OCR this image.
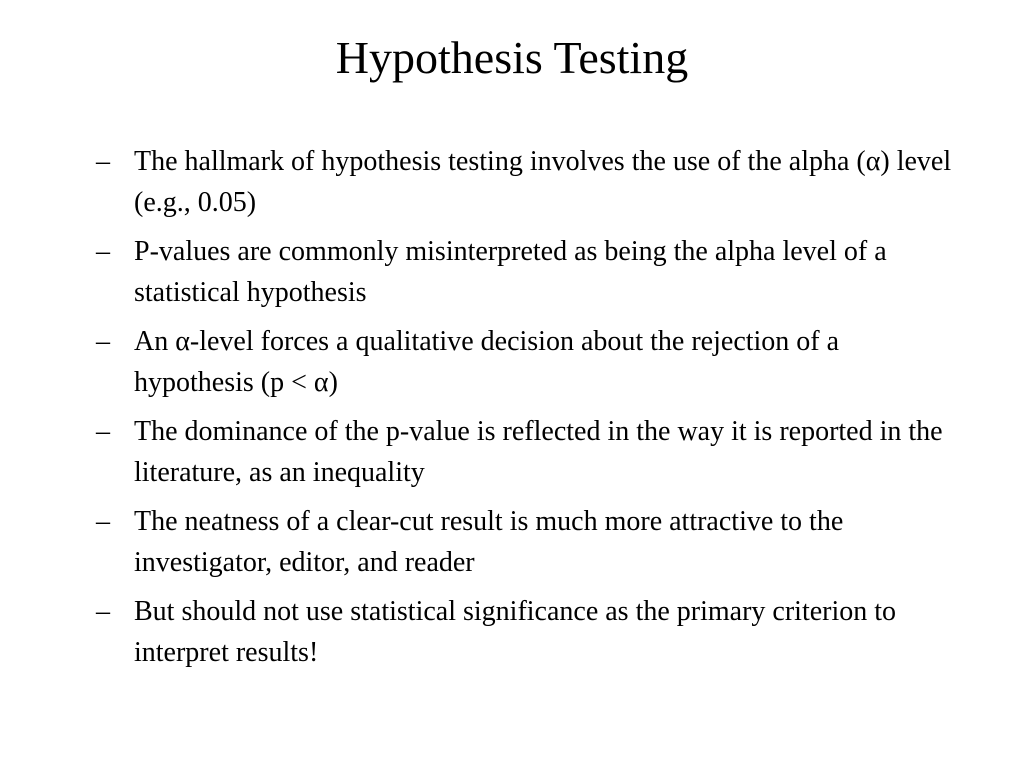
Hypothesis Testing
– The hallmark of hypothesis testing involves the use of the alpha (α) level (e.g., 0.05)
– P-values are commonly misinterpreted as being the alpha level of a statistical hypothesis
– An α-level forces a qualitative decision about the rejection of a hypothesis (p < α)
– The dominance of the p-value is reflected in the way it is reported in the literature, as an inequality
– The neatness of a clear-cut result is much more attractive to the investigator, editor, and reader
– But should not use statistical significance as the primary criterion to interpret results!
